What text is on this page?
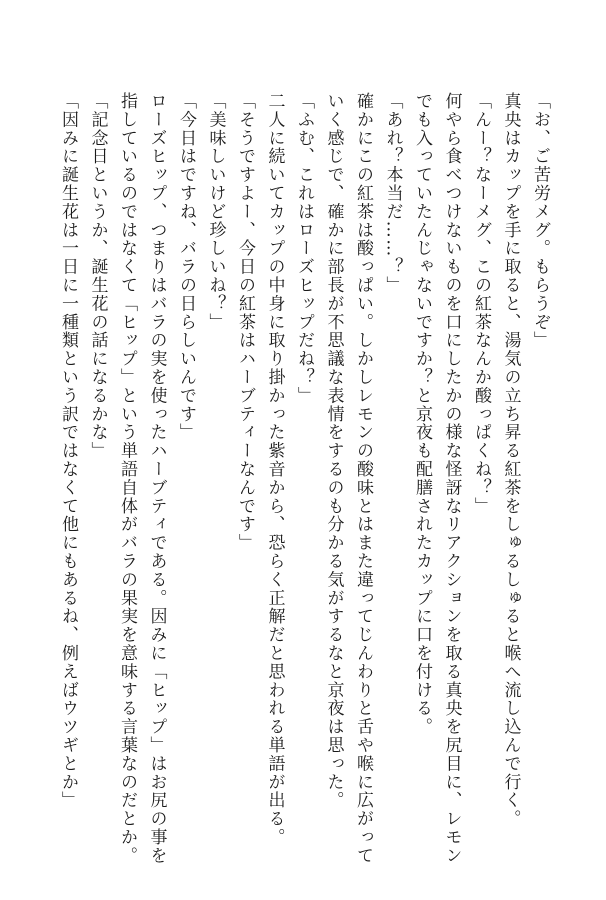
「お、ご苦労メグ。もらうぞ」
真央はカップを手に取ると、湯気の立ち昇る紅茶をしゅるしゅると喉へ流し込んで行く。
「んー？なーメグ、この紅茶なんか酸っぱくね？」
何やら食べつけないものを口にしたかの様な怪訝なリアクションを取る真央を尻目に、レモン
でも入っていたんじゃないですか？と京夜も配膳されたカップに口を付ける。
「あれ？本当だ……？」
確かにこの紅茶は酸っぱい。しかしレモンの酸味とはまた違ってじんわりと舌や喉に広がって
いく感じで、確かに部長が不思議な表情をするのも分かる気がするなと京夜は思った。
「ふむ、これはローズヒップだね？」
二人に続いてカップの中身に取り掛かった紫音から、恐らく正解だと思われる単語が出る。
「そうですよー、今日の紅茶はハーブティーなんです」
「美味しいけど珍しいね？」
「今日はですね、バラの日らしいんです」
ローズヒップ、つまりはバラの実を使ったハーブティである。因みに「ヒップ」はお尻の事を
指しているのではなくて「ヒップ」という単語自体がバラの果実を意味する言葉なのだとか。
「記念日というか、誕生花の話になるかな」
「因みに誕生花は一日に一種類という訳ではなくて他にもあるね、例えばウツギとか」
